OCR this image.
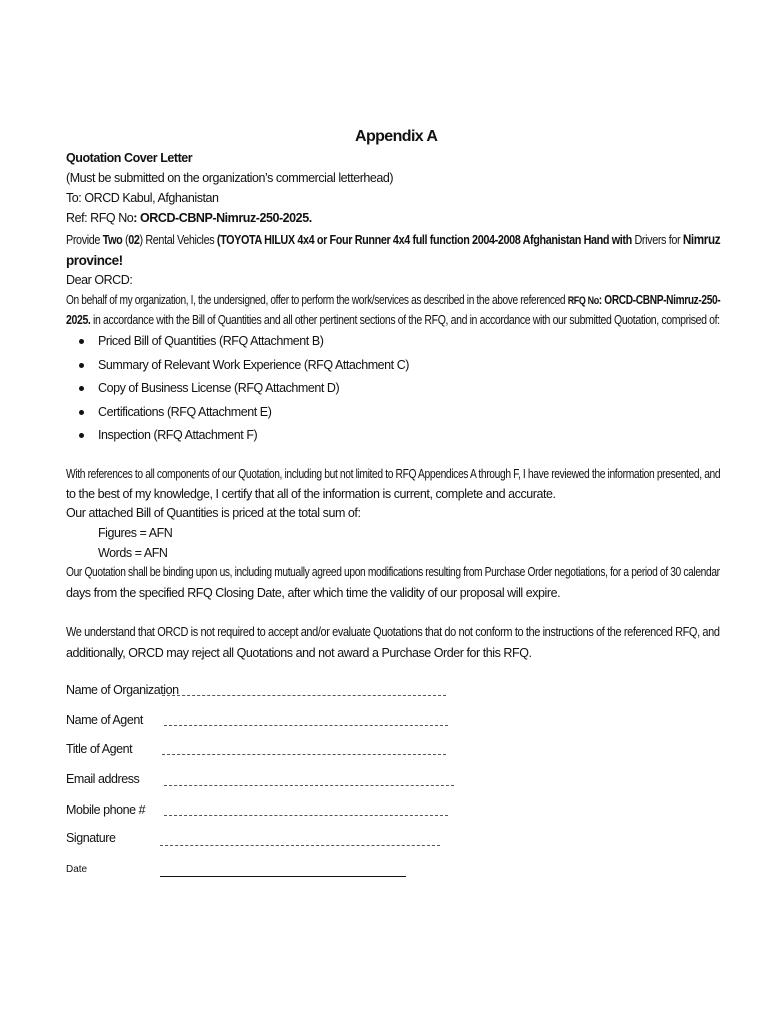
Appendix A
Quotation Cover Letter
(Must be submitted on the organization’s commercial letterhead)
To: ORCD Kabul, Afghanistan
Ref: RFQ No: ORCD-CBNP-Nimruz-250-2025.
Provide Two (02) Rental Vehicles (TOYOTA HILUX 4x4 or Four Runner 4x4 full function 2004-2008 Afghanistan Hand with Drivers for Nimruz
province!
Dear ORCD:
On behalf of my organization, I, the undersigned, offer to perform the work/services as described in the above referenced RFQ No: ORCD-CBNP-Nimruz-250-
2025. in accordance with the Bill of Quantities and all other pertinent sections of the RFQ, and in accordance with our submitted Quotation, comprised of:
Priced Bill of Quantities (RFQ Attachment B)
Summary of Relevant Work Experience (RFQ Attachment C)
Copy of Business License (RFQ Attachment D)
Certifications (RFQ Attachment E)
Inspection (RFQ Attachment F)
With references to all components of our Quotation, including but not limited to RFQ Appendices A through F, I have reviewed the information presented, and
to the best of my knowledge, I certify that all of the information is current, complete and accurate.
Our attached Bill of Quantities is priced at the total sum of:
Figures = AFN
Words = AFN
Our Quotation shall be binding upon us, including mutually agreed upon modifications resulting from Purchase Order negotiations, for a period of 30 calendar
days from the specified RFQ Closing Date, after which time the validity of our proposal will expire.
We understand that ORCD is not required to accept and/or evaluate Quotations that do not conform to the instructions of the referenced RFQ, and
additionally, ORCD may reject all Quotations and not award a Purchase Order for this RFQ.
Name of Organization
Name of Agent
Title of Agent
Email address
Mobile phone #
Signature
Date
